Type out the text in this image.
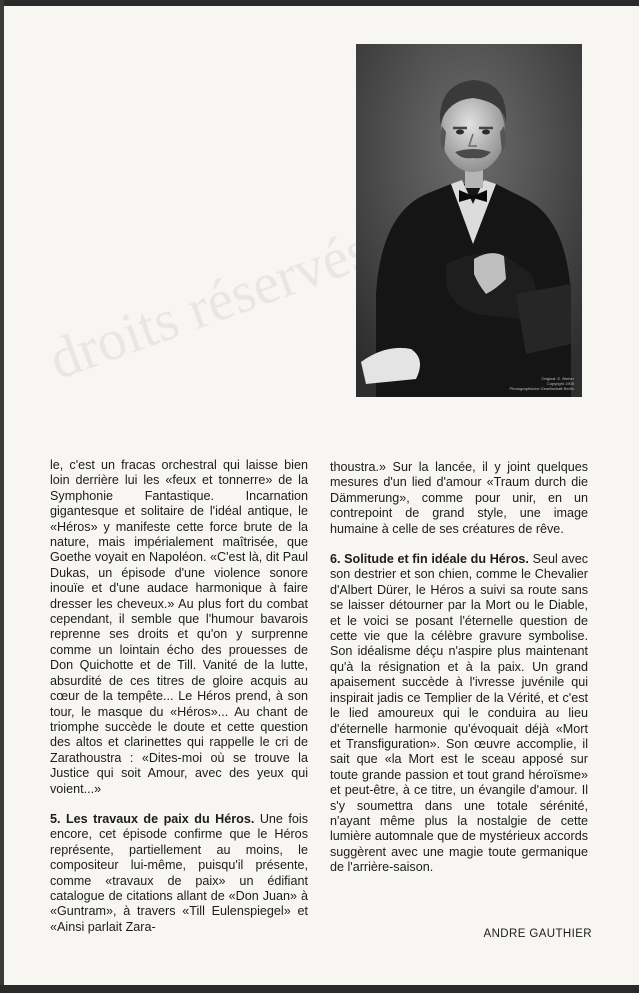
droits réservés	Original: E. Bieber
Copyright 1905
Photographische Gesellschaft Berlin

le, c'est un fracas orchestral qui laisse bien loin derrière lui les «feux et tonnerre» de la Symphonie Fantastique. Incarnation gigantesque et solitaire de l'idéal antique, le «Héros» y manifeste cette force brute de la nature, mais impérialement maîtrisée, que Goethe voyait en Napoléon. «C'est là, dit Paul Dukas, un épisode d'une violence sonore inouïe et d'une audace harmonique à faire dresser les cheveux.» Au plus fort du combat cependant, il semble que l'humour bavarois reprenne ses droits et qu'on y surprenne comme un lointain écho des prouesses de Don Quichotte et de Till. Vanité de la lutte, absurdité de ces titres de gloire acquis au cœur de la tempête... Le Héros prend, à son tour, le masque du «Héros»... Au chant de triomphe succède le doute et cette question des altos et clarinettes qui rappelle le cri de Zarathoustra : «Dites-moi où se trouve la Justice qui soit Amour, avec des yeux qui voient...»

5. Les travaux de paix du Héros. Une fois encore, cet épisode confirme que le Héros représente, partiellement au moins, le compositeur lui-même, puisqu'il présente, comme «travaux de paix» un édifiant catalogue de citations allant de «Don Juan» à «Guntram», à travers «Till Eulenspiegel» et «Ainsi parlait Zara-

thoustra.» Sur la lancée, il y joint quelques mesures d'un lied d'amour «Traum durch die Dämmerung», comme pour unir, en un contrepoint de grand style, une image humaine à celle de ses créatures de rêve.

6. Solitude et fin idéale du Héros. Seul avec son destrier et son chien, comme le Chevalier d'Albert Dürer, le Héros a suivi sa route sans se laisser détourner par la Mort ou le Diable, et le voici se posant l'éternelle question de cette vie que la célèbre gravure symbolise. Son idéalisme déçu n'aspire plus maintenant qu'à la résignation et à la paix. Un grand apaisement succède à l'ivresse juvénile qui inspirait jadis ce Templier de la Vérité, et c'est le lied amoureux qui le conduira au lieu d'éternelle harmonie qu'évoquait déjà «Mort et Transfiguration». Son œuvre accomplie, il sait que «la Mort est le sceau apposé sur toute grande passion et tout grand héroïsme» et peut-être, à ce titre, un évangile d'amour. Il s'y soumettra dans une totale sérénité, n'ayant même plus la nostalgie de cette lumière automnale que de mystérieux accords suggèrent avec une magie toute germanique de l'arrière-saison.

ANDRE GAUTHIER
